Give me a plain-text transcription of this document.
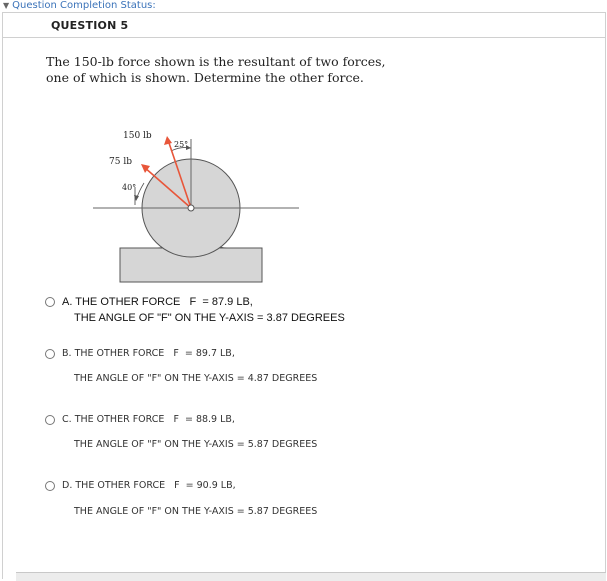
▼ Question Completion Status:
QUESTION 5
The 150-lb force shown is the resultant of two forces, one of which is shown. Determine the other force.
150 lb
75 lb
25°
40°
A. THE OTHER FORCE   F  = 87.9 LB,
THE ANGLE OF "F" ON THE Y-AXIS = 3.87 DEGREES
B. THE OTHER FORCE   F  = 89.7 LB,
THE ANGLE OF "F" ON THE Y-AXIS = 4.87 DEGREES
C. THE OTHER FORCE   F  = 88.9 LB,
THE ANGLE OF "F" ON THE Y-AXIS = 5.87 DEGREES
D. THE OTHER FORCE   F  = 90.9 LB,
THE ANGLE OF "F" ON THE Y-AXIS = 5.87 DEGREES
